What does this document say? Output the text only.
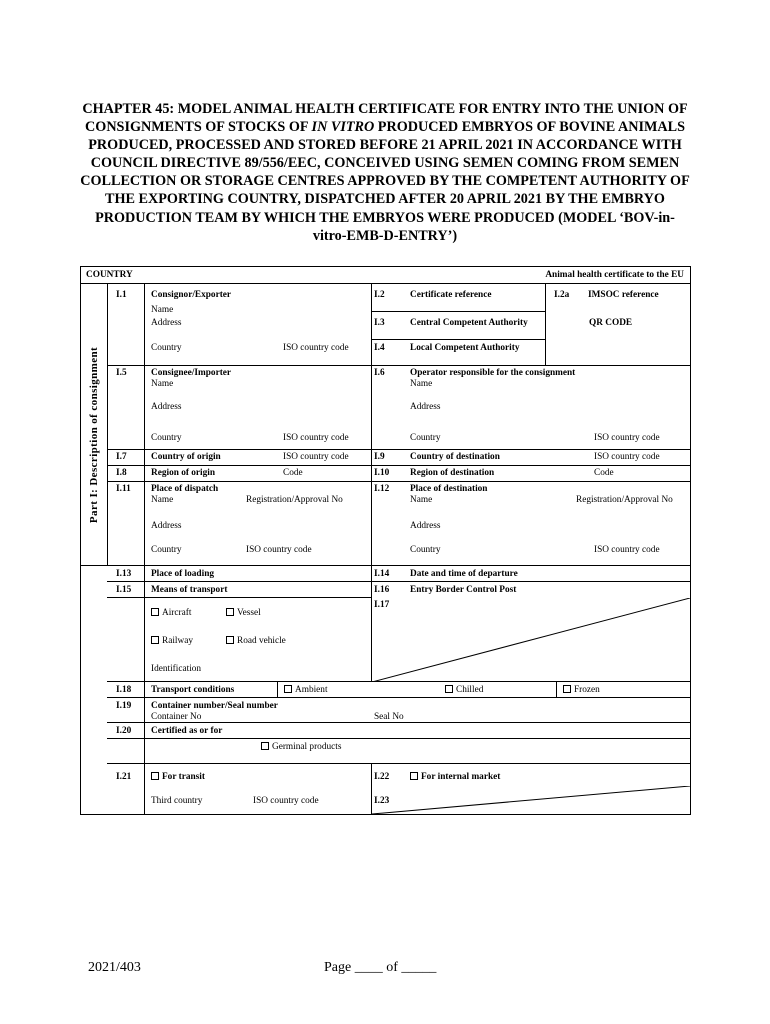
CHAPTER 45: MODEL ANIMAL HEALTH CERTIFICATE FOR ENTRY INTO THE UNION OF CONSIGNMENTS OF STOCKS OF IN VITRO PRODUCED EMBRYOS OF BOVINE ANIMALS PRODUCED, PROCESSED AND STORED BEFORE 21 APRIL 2021 IN ACCORDANCE WITH COUNCIL DIRECTIVE 89/556/EEC, CONCEIVED USING SEMEN COMING FROM SEMEN COLLECTION OR STORAGE CENTRES APPROVED BY THE COMPETENT AUTHORITY OF THE EXPORTING COUNTRY, DISPATCHED AFTER 20 APRIL 2021 BY THE EMBRYO PRODUCTION TEAM BY WHICH THE EMBRYOS WERE PRODUCED (MODEL ‘BOV-in-vitro-EMB-D-ENTRY’)
COUNTRY	Animal health certificate to the EU
Part I: Description of consignment
I.1	Consignor/Exporter
Name
Address
Country	ISO country code
I.2	Certificate reference	I.2a IMSOC reference
I.3	Central Competent Authority	QR CODE
I.4	Local Competent Authority
I.5	Consignee/Importer
Name
Address
Country	ISO country code
I.6	Operator responsible for the consignment
Name
Address
Country	ISO country code
I.7	Country of origin	ISO country code	I.9	Country of destination	ISO country code
I.8	Region of origin	Code	I.10 Region of destination	Code
I.11 Place of dispatch
Name	Registration/Approval No
Address
Country	ISO country code
I.12 Place of destination
Name	Registration/Approval No
Address
Country	ISO country code
I.13 Place of loading	I.14 Date and time of departure
I.15 Means of transport
Aircraft	Vessel
Railway	Road vehicle
Identification
I.16 Entry Border Control Post
I.17
I.18 Transport conditions	Ambient	Chilled	Frozen
I.19 Container number/Seal number
Container No	Seal No
I.20 Certified as or for
Germinal products
I.21	For transit
Third country	ISO country code
I.22	For internal market
I.23
2021/403	Page ____ of _____
